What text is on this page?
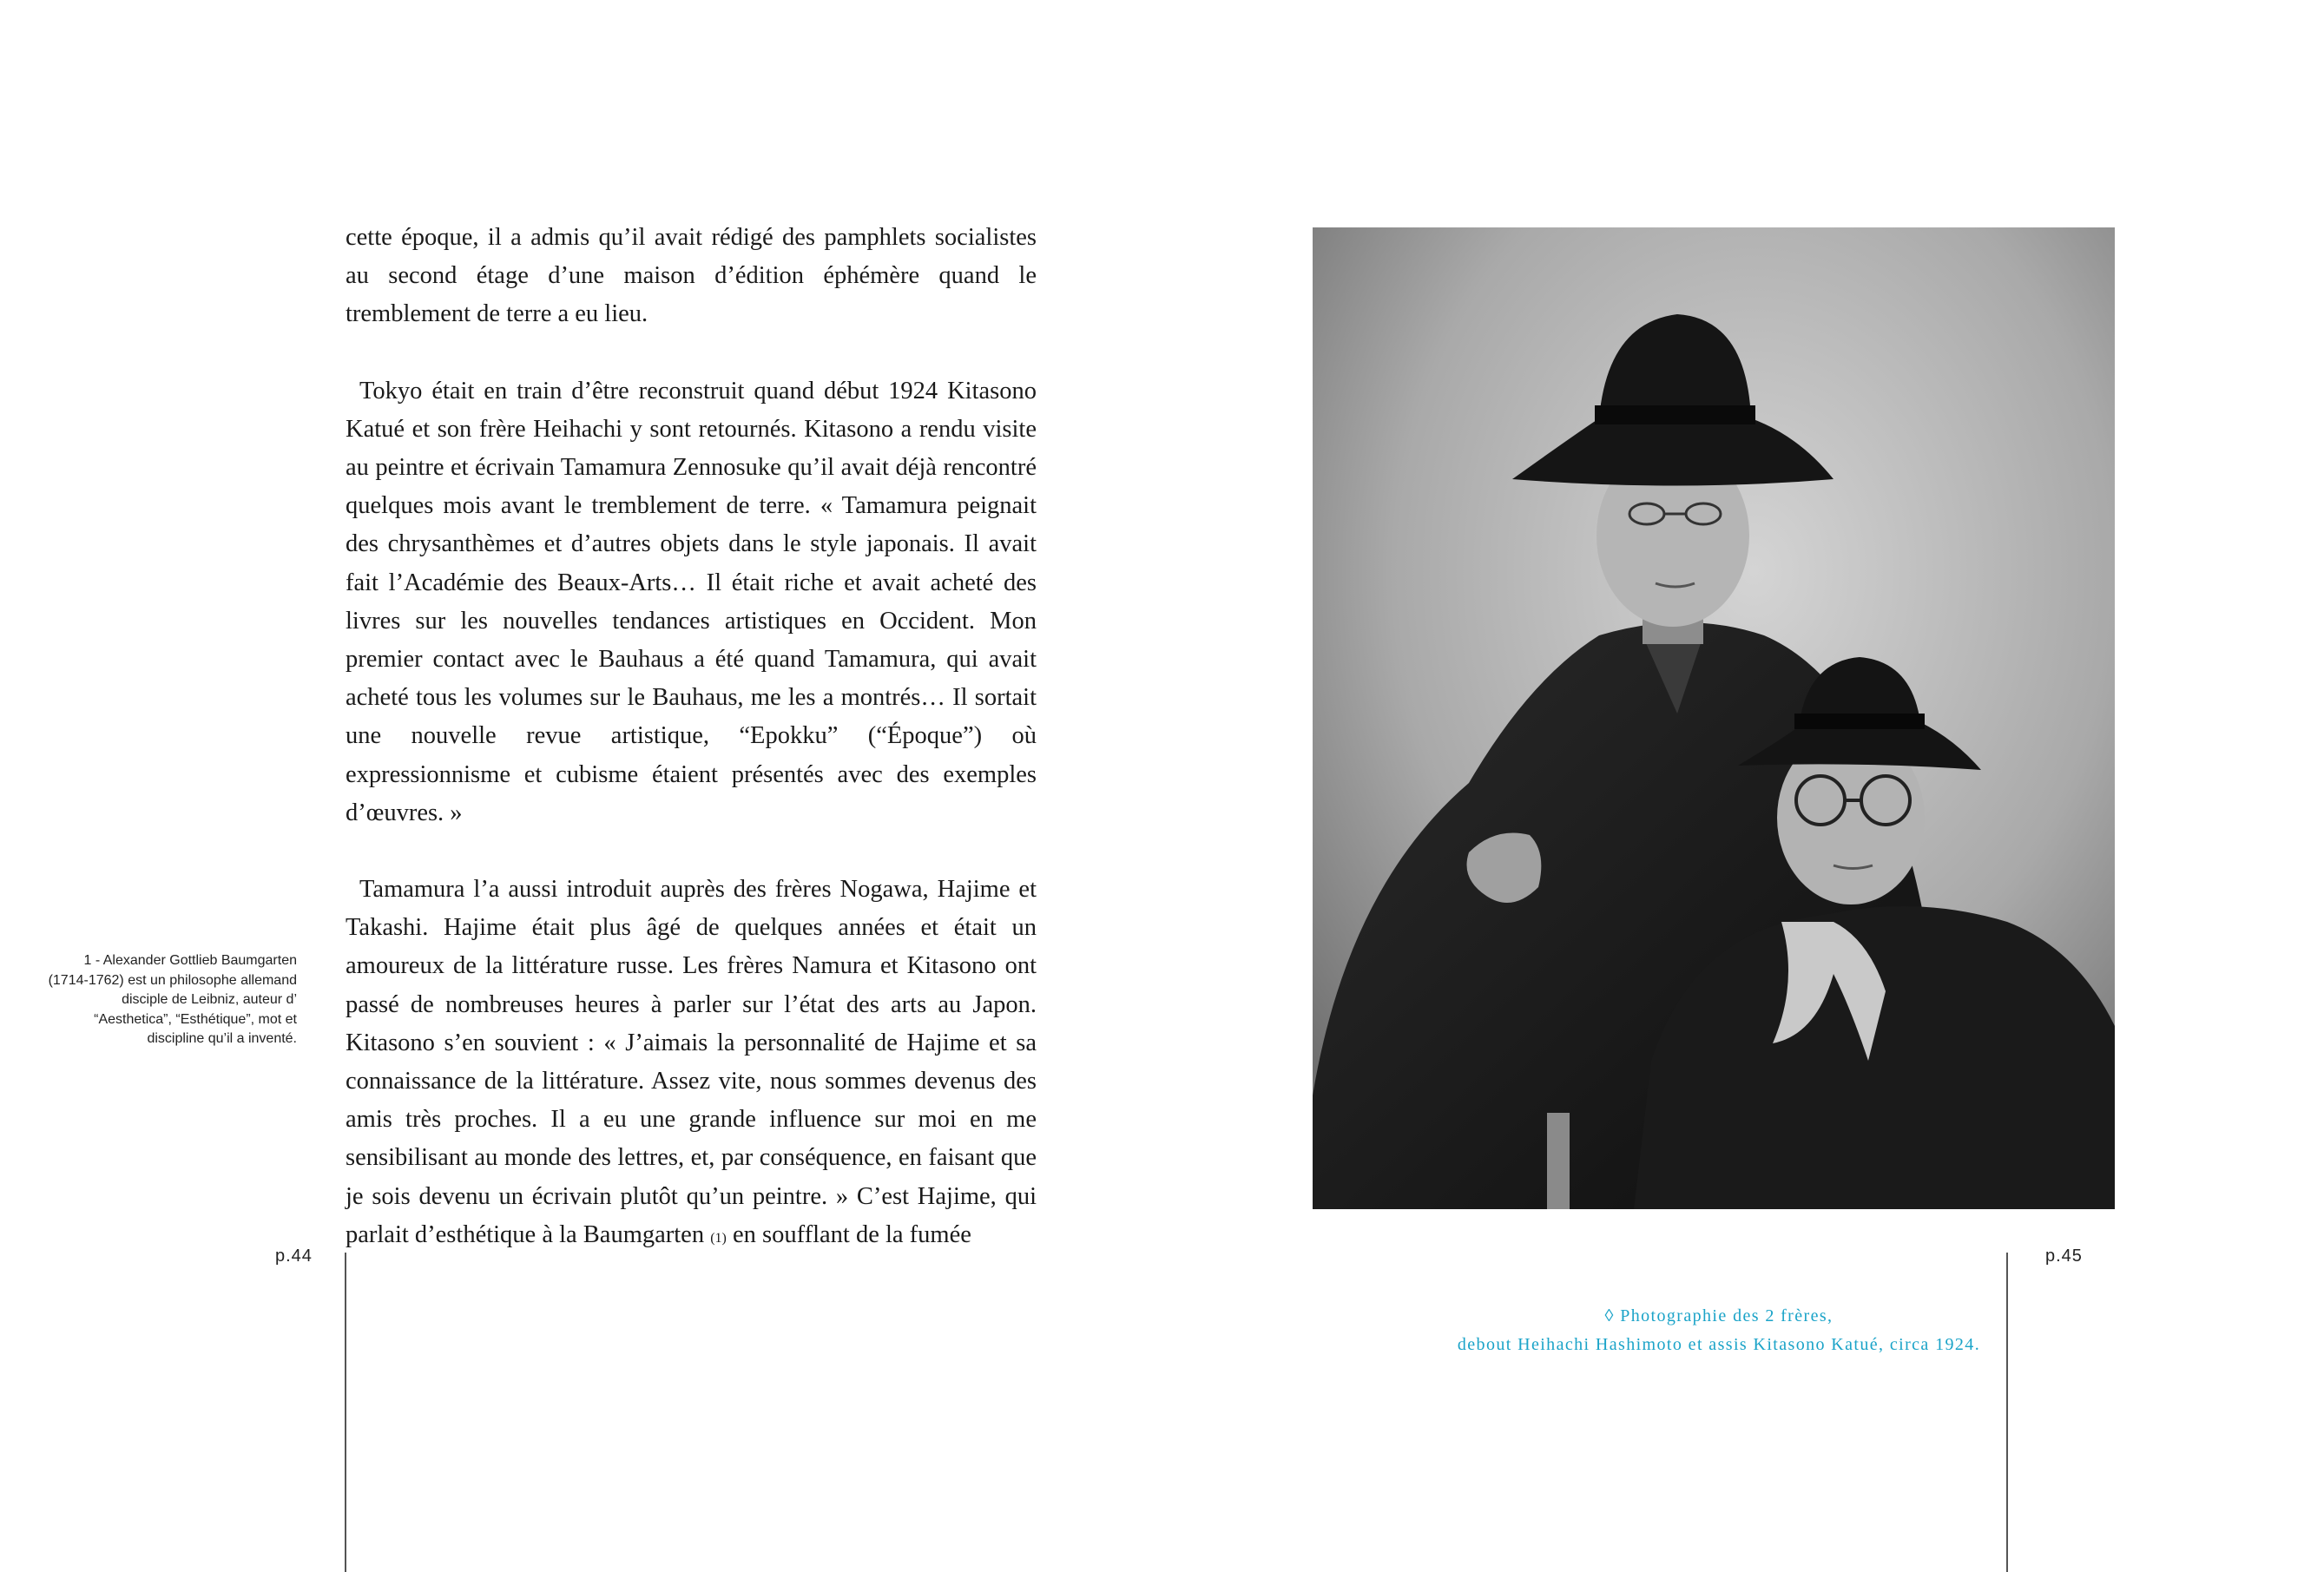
cette époque, il a admis qu’il avait rédigé des pamphlets socialistes au second étage d’une maison d’édition éphémère quand le tremblement de terre a eu lieu.

Tokyo était en train d’être reconstruit quand début 1924 Kitasono Katué et son frère Heihachi y sont retournés. Kitasono a rendu visite au peintre et écrivain Tamamura Zennosuke qu’il avait déjà rencontré quelques mois avant le tremblement de terre. « Tamamura peignait des chrysanthèmes et d’autres objets dans le style japonais. Il avait fait l’Académie des Beaux-Arts… Il était riche et avait acheté des livres sur les nouvelles tendances artistiques en Occident. Mon premier contact avec le Bauhaus a été quand Tamamura, qui avait acheté tous les volumes sur le Bauhaus, me les a montrés… Il sortait une nouvelle revue artistique, “Epokku” (“Époque”) où expressionnisme et cubisme étaient présentés avec des exemples d’œuvres. »

Tamamura l’a aussi introduit auprès des frères Nogawa, Hajime et Takashi. Hajime était plus âgé de quelques années et était un amoureux de la littérature russe. Les frères Namura et Kitasono ont passé de nombreuses heures à parler sur l’état des arts au Japon. Kitasono s’en souvient : « J’aimais la personnalité de Hajime et sa connaissance de la littérature. Assez vite, nous sommes devenus des amis très proches. Il a eu une grande influence sur moi en me sensibilisant au monde des lettres, et, par conséquence, en faisant que je sois devenu un écrivain plutôt qu’un peintre. » C’est Hajime, qui parlait d’esthétique à la Baumgarten (1) en soufflant de la fumée

1 - Alexander Gottlieb Baumgarten (1714-1762) est un philosophe allemand disciple de Leibniz, auteur d’ “Aesthetica”, “Esthétique”, mot et discipline qu’il a inventé.
p.44	p.45
◊ Photographie des 2 frères,
debout Heihachi Hashimoto et assis Kitasono Katué, circa 1924.
